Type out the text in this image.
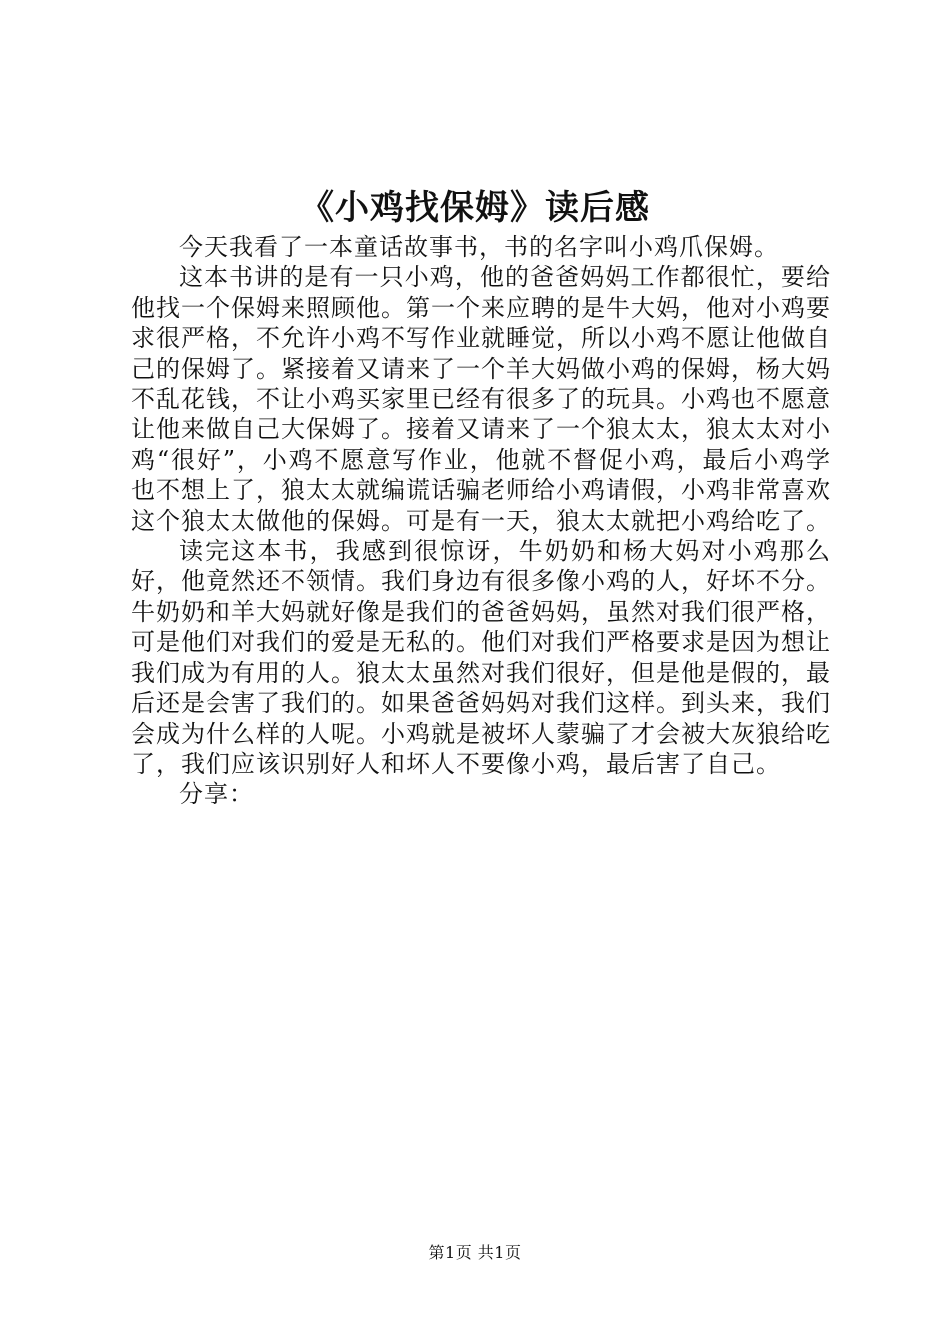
《小鸡找保姆》读后感

今天我看了一本童话故事书，书的名字叫小鸡爪保姆。

这本书讲的是有一只小鸡，他的爸爸妈妈工作都很忙，要给他找一个保姆来照顾他。第一个来应聘的是牛大妈，他对小鸡要求很严格，不允许小鸡不写作业就睡觉，所以小鸡不愿让他做自己的保姆了。紧接着又请来了一个羊大妈做小鸡的保姆，杨大妈不乱花钱，不让小鸡买家里已经有很多了的玩具。小鸡也不愿意让他来做自己大保姆了。接着又请来了一个狼太太，狼太太对小鸡“很好”，小鸡不愿意写作业，他就不督促小鸡，最后小鸡学也不想上了，狼太太就编谎话骗老师给小鸡请假，小鸡非常喜欢这个狼太太做他的保姆。可是有一天，狼太太就把小鸡给吃了。

读完这本书，我感到很惊讶，牛奶奶和杨大妈对小鸡那么好，他竟然还不领情。我们身边有很多像小鸡的人，好坏不分。牛奶奶和羊大妈就好像是我们的爸爸妈妈，虽然对我们很严格，可是他们对我们的爱是无私的。他们对我们严格要求是因为想让我们成为有用的人。狼太太虽然对我们很好，但是他是假的，最后还是会害了我们的。如果爸爸妈妈对我们这样。到头来，我们会成为什么样的人呢。小鸡就是被坏人蒙骗了才会被大灰狼给吃了，我们应该识别好人和坏人不要像小鸡，最后害了自己。

分享：

第1页 共1页
